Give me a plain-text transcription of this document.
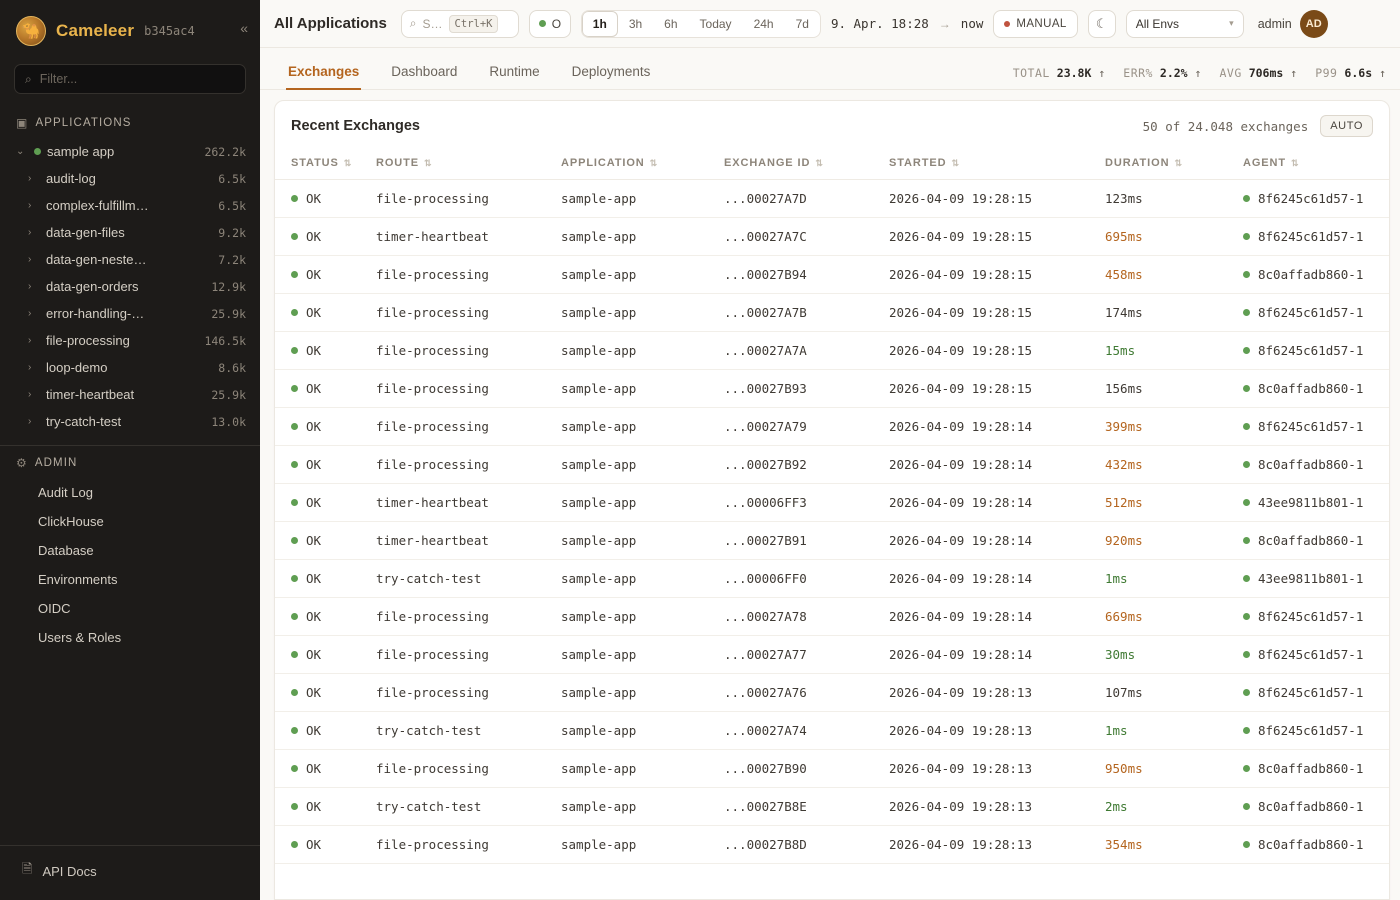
🐪 Cameleer b345ac4	«
⌕
Filter...
▣ APPLICATIONS
⌄ sample app	262.2k
›	audit-log	6.5k
›	complex-fulfillm…	6.5k
›	data-gen-files	9.2k
›	data-gen-neste…	7.2k
›	data-gen-orders	12.9k
›	error-handling-…	25.9k
›	file-processing	146.5k
›	loop-demo	8.6k
›	timer-heartbeat	25.9k
›	try-catch-test	13.0k
⚙ ADMIN
Audit Log
ClickHouse
Database
Environments
OIDC
Users & Roles
🗎 API Docs
All Applications ⌕ S…	Ctrl+K	O	1h	3h	6h	Today	24h	7d	9. Apr. 18:28 → now	MANUAL	☾	All Envs	▾ admin	AD
Exchanges	Dashboard	Runtime	Deployments	TOTAL 23.8K ↑ ERR% 2.2% ↑ AVG 706ms ↑ P99 6.6s ↑
Recent Exchanges	50 of 24.048 exchanges	AUTO
STATUS ⇅	ROUTE ⇅	APPLICATION ⇅	EXCHANGE ID ⇅	STARTED ⇅	DURATION ⇅	AGENT ⇅

OK	file-processing	sample-app	...00027A7D	2026-04-09 19:28:15	123ms	8f6245c61d57-1

OK	timer-heartbeat	sample-app	...00027A7C	2026-04-09 19:28:15	695ms	8f6245c61d57-1

OK	file-processing	sample-app	...00027B94	2026-04-09 19:28:15	458ms	8c0affadb860-1

OK	file-processing	sample-app	...00027A7B	2026-04-09 19:28:15	174ms	8f6245c61d57-1

OK	file-processing	sample-app	...00027A7A	2026-04-09 19:28:15	15ms	8f6245c61d57-1

OK	file-processing	sample-app	...00027B93	2026-04-09 19:28:15	156ms	8c0affadb860-1

OK	file-processing	sample-app	...00027A79	2026-04-09 19:28:14	399ms	8f6245c61d57-1

OK	file-processing	sample-app	...00027B92	2026-04-09 19:28:14	432ms	8c0affadb860-1

OK	timer-heartbeat	sample-app	...00006FF3	2026-04-09 19:28:14	512ms	43ee9811b801-1

OK	timer-heartbeat	sample-app	...00027B91	2026-04-09 19:28:14	920ms	8c0affadb860-1

OK	try-catch-test	sample-app	...00006FF0	2026-04-09 19:28:14	1ms	43ee9811b801-1

OK	file-processing	sample-app	...00027A78	2026-04-09 19:28:14	669ms	8f6245c61d57-1

OK	file-processing	sample-app	...00027A77	2026-04-09 19:28:14	30ms	8f6245c61d57-1

OK	file-processing	sample-app	...00027A76	2026-04-09 19:28:13	107ms	8f6245c61d57-1

OK	try-catch-test	sample-app	...00027A74	2026-04-09 19:28:13	1ms	8f6245c61d57-1

OK	file-processing	sample-app	...00027B90	2026-04-09 19:28:13	950ms	8c0affadb860-1

OK	try-catch-test	sample-app	...00027B8E	2026-04-09 19:28:13	2ms	8c0affadb860-1

OK	file-processing	sample-app	...00027B8D	2026-04-09 19:28:13	354ms	8c0affadb860-1
